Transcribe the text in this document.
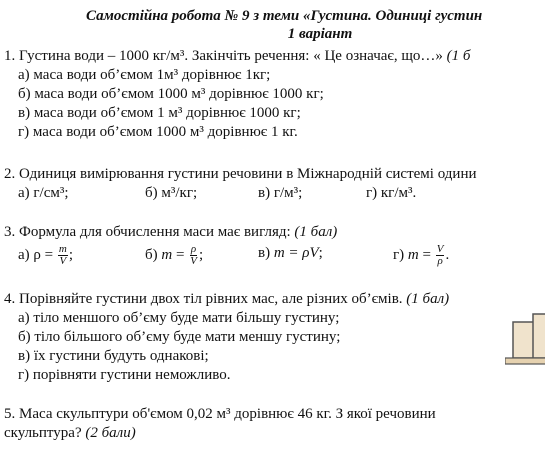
Самостійна робота № 9 з теми «Густина. Одиниці густин
1 варіант
1. Густина води – 1000 кг/м³. Закінчіть речення: « Це означає, що…» (1 б
а) маса води об’ємом 1м³ дорівнює 1кг;
б) маса води об’ємом 1000 м³ дорівнює 1000 кг;
в) маса води об’ємом 1 м³ дорівнює 1000 кг;
г) маса води об’ємом 1000 м³ дорівнює 1 кг.
2. Одиниця вимірювання густини речовини в Міжнародній системі одини
а) г/см³;	б) м³/кг;	в) г/м³;	г) кг/м³.
3. Формула для обчислення маси має вигляд: (1 бал)
а) $\rho = \frac{m}{V}$ ;	б) $m = \frac{\rho}{V}$ ;	в) m = ρV;	г) $m = \frac{V}{\rho}$ .
4. Порівняйте густини двох тіл рівних мас, але різних об’ємів. (1 бал)
а) тіло меншого об’єму буде мати більшу густину;
б) тіло більшого об’єму буде мати меншу густину;
в) їх густини будуть однакові;
г) порівняти густини неможливо.
5. Маса скульптури об'ємом 0,02 м³ дорівнює 46 кг. З якої речовини
скульптура? (2 бали)
